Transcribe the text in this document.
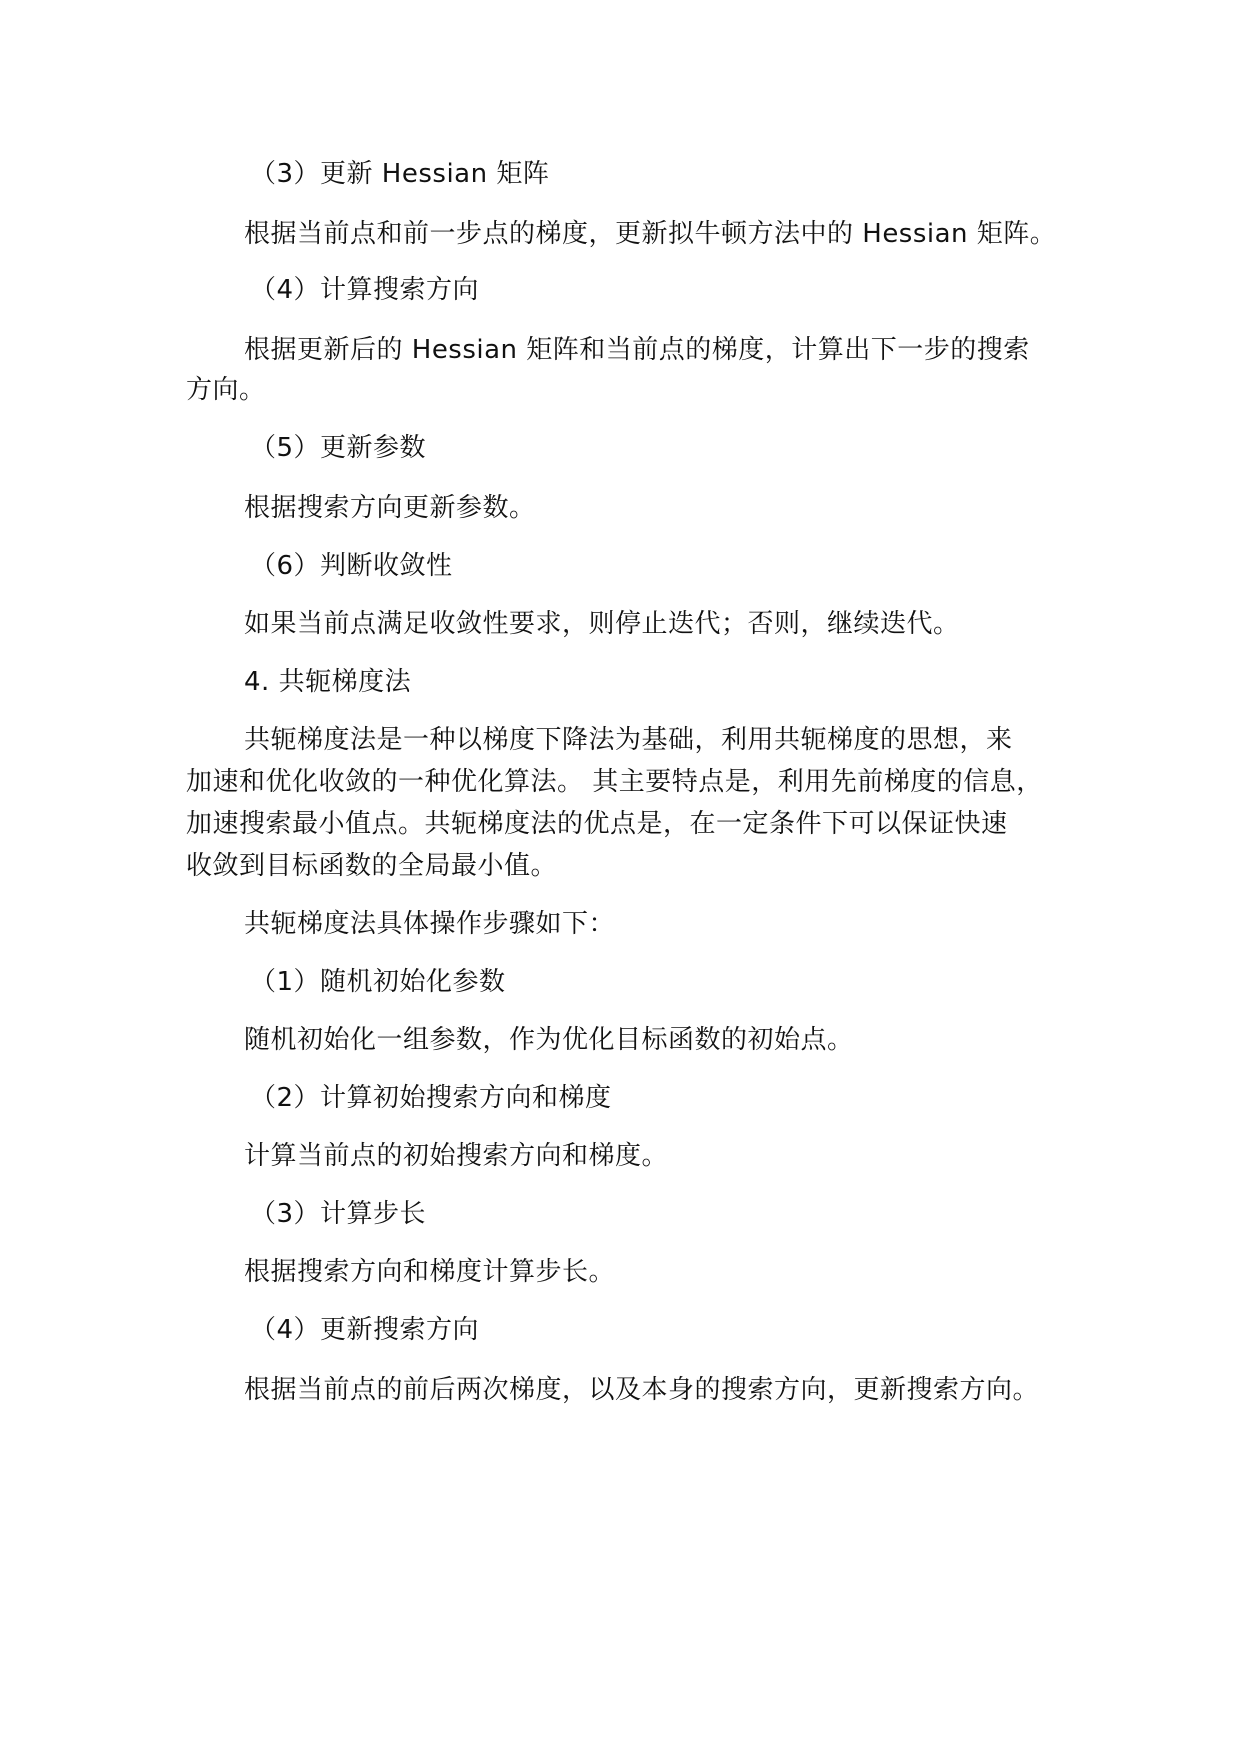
（3）更新 Hessian 矩阵
根据当前点和前一步点的梯度，更新拟牛顿方法中的 Hessian 矩阵。
（4）计算搜索方向
根据更新后的 Hessian 矩阵和当前点的梯度，计算出下一步的搜索
方向。
（5）更新参数
根据搜索方向更新参数。
（6）判断收敛性
如果当前点满足收敛性要求，则停止迭代；否则，继续迭代。
4. 共轭梯度法
共轭梯度法是一种以梯度下降法为基础，利用共轭梯度的思想，来
加速和优化收敛的一种优化算法。 其主要特点是，利用先前梯度的信息，
加速搜索最小值点。共轭梯度法的优点是，在一定条件下可以保证快速
收敛到目标函数的全局最小值。
共轭梯度法具体操作步骤如下：
（1）随机初始化参数
随机初始化一组参数，作为优化目标函数的初始点。
（2）计算初始搜索方向和梯度
计算当前点的初始搜索方向和梯度。
（3）计算步长
根据搜索方向和梯度计算步长。
（4）更新搜索方向
根据当前点的前后两次梯度，以及本身的搜索方向，更新搜索方向。
